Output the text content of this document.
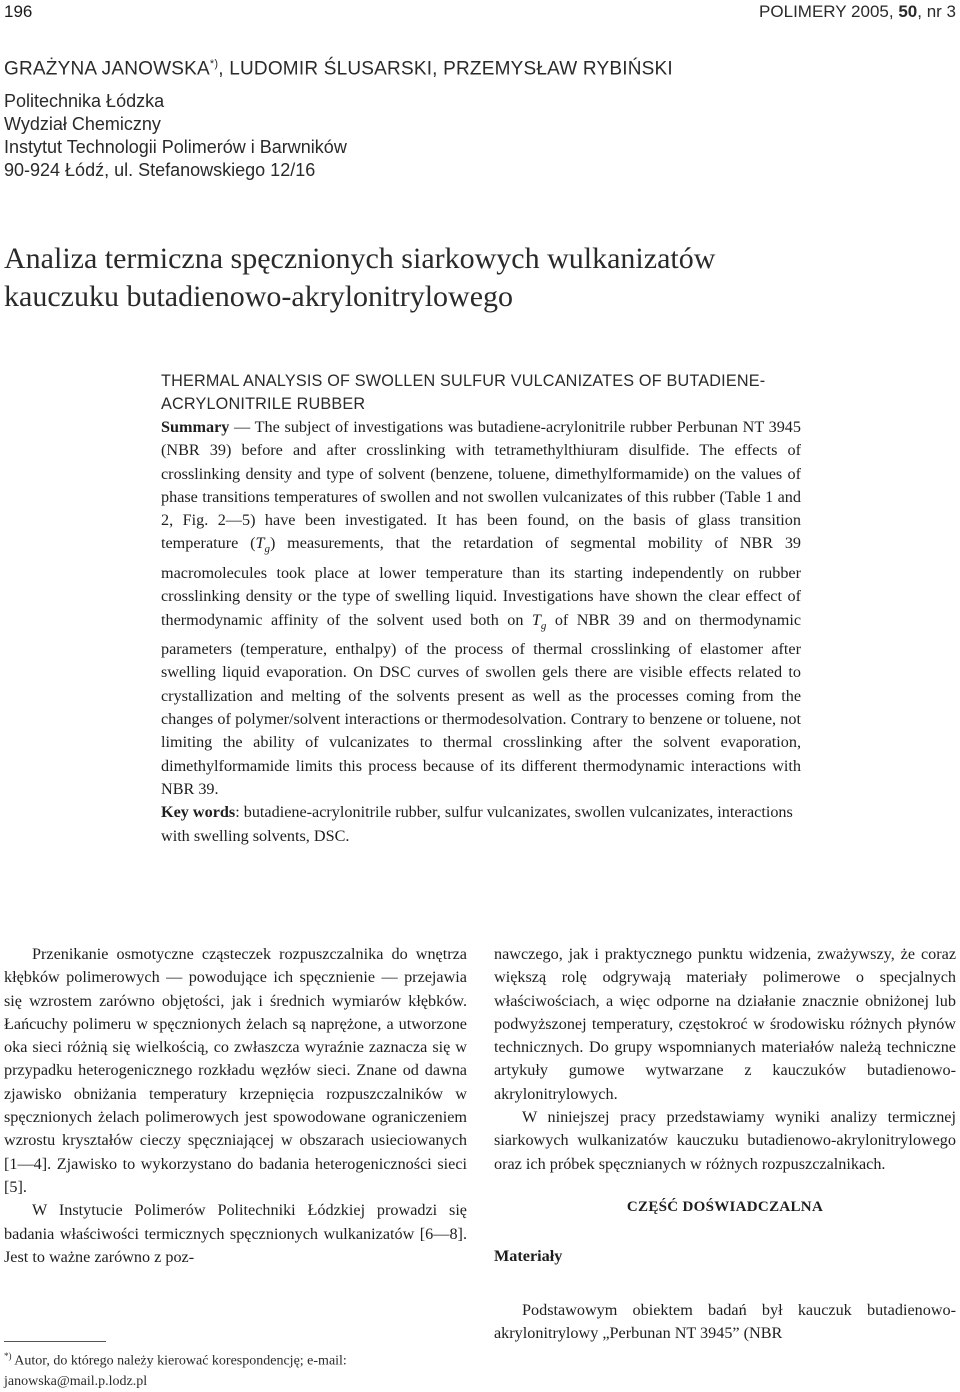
196	POLIMERY 2005, 50, nr 3
GRAŻYNA JANOWSKA*), LUDOMIR ŚLUSARSKI, PRZEMYSŁAW RYBIŃSKI
Politechnika Łódzka
Wydział Chemiczny
Instytut Technologii Polimerów i Barwników
90-924 Łódź, ul. Stefanowskiego 12/16
Analiza termiczna spęcznionych siarkowych wulkanizatów
kauczuku butadienowo-akrylonitrylowego
THERMAL ANALYSIS OF SWOLLEN SULFUR VULCANIZATES OF BUTADIENE-ACRYLONITRILE RUBBER
Summary — The subject of investigations was butadiene-acrylonitrile rubber Perbunan NT 3945 (NBR 39) before and after crosslinking with tetramethylthiuram disulfide. The effects of crosslinking density and type of solvent (benzene, toluene, dimethylformamide) on the values of phase transitions temperatures of swollen and not swollen vulcanizates of this rubber (Table 1 and 2, Fig. 2—5) have been investigated. It has been found, on the basis of glass transition temperature $(T_g)$ measurements, that the retardation of segmental mobility of NBR 39 macromolecules took place at lower temperature than its starting independently on rubber crosslinking density or the type of swelling liquid. Investigations have shown the clear effect of thermodynamic affinity of the solvent used both on $T_g$ of NBR 39 and on thermodynamic parameters (temperature, enthalpy) of the process of thermal crosslinking of elastomer after swelling liquid evaporation. On DSC curves of swollen gels there are visible effects related to crystallization and melting of the solvents present as well as the processes coming from the changes of polymer/solvent interactions or thermodesolvation. Contrary to benzene or toluene, not limiting the ability of vulcanizates to thermal crosslinking after the solvent evaporation, dimethylformamide limits this process because of its different thermodynamic interactions with NBR 39.
Key words: butadiene-acrylonitrile rubber, sulfur vulcanizates, swollen vulcanizates, interactions with swelling solvents, DSC.

Przenikanie osmotyczne cząsteczek rozpuszczalnika do wnętrza kłębków polimerowych — powodujące ich spęcznienie — przejawia się wzrostem zarówno objętości, jak i średnich wymiarów kłębków. Łańcuchy polimeru w spęcznionych żelach są naprężone, a utworzone oka sieci różnią się wielkością, co zwłaszcza wyraźnie zaznacza się w przypadku heterogenicznego rozkładu węzłów sieci. Znane od dawna zjawisko obniżania temperatury krzepnięcia rozpuszczalników w spęcznionych żelach polimerowych jest spowodowane ograniczeniem wzrostu kryształów cieczy spęczniającej w obszarach usieciowanych [1—4]. Zjawisko to wykorzystano do badania heterogeniczności sieci [5].

W Instytucie Polimerów Politechniki Łódzkiej prowadzi się badania właściwości termicznych spęcznionych wulkanizatów [6—8]. Jest to ważne zarówno z poz-

*) Autor, do którego należy kierować korespondencję; e-mail: janowska@mail.p.lodz.pl

nawczego, jak i praktycznego punktu widzenia, zważywszy, że coraz większą rolę odgrywają materiały polimerowe o specjalnych właściwościach, a więc odporne na działanie znacznie obniżonej lub podwyższonej temperatury, częstokroć w środowisku różnych płynów technicznych. Do grupy wspomnianych materiałów należą techniczne artykuły gumowe wytwarzane z kauczuków butadienowo-akrylonitrylowych.

W niniejszej pracy przedstawiamy wyniki analizy termicznej siarkowych wulkanizatów kauczuku butadienowo-akrylonitrylowego oraz ich próbek spęcznianych w różnych rozpuszczalnikach.

CZĘŚĆ DOŚWIADCZALNA
Materiały

Podstawowym obiektem badań był kauczuk butadienowo-akrylonitrylowy „Perbunan NT 3945” (NBR
